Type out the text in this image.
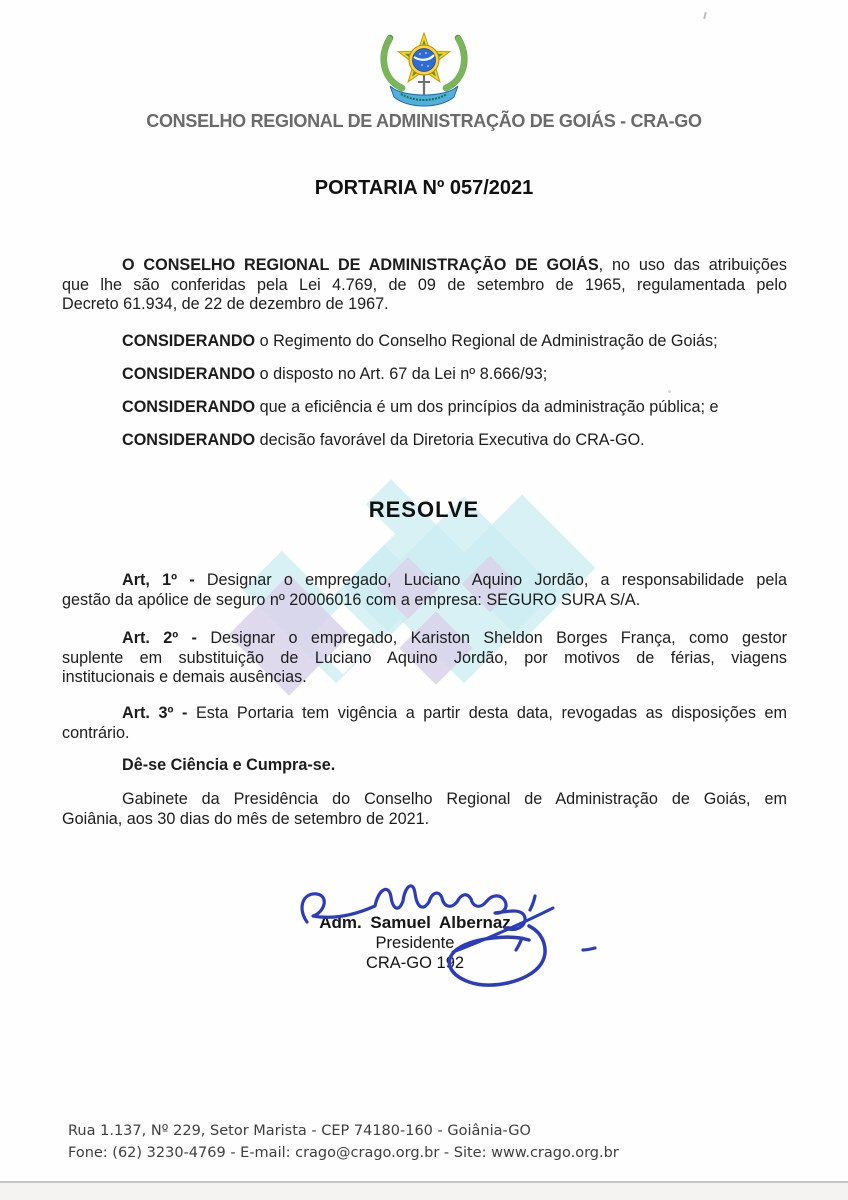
CONSELHO REGIONAL DE ADMINISTRAÇÃO DE GOIÁS - CRA-GO
PORTARIA Nº 057/2021
O CONSELHO REGIONAL DE ADMINISTRAÇÃO DE GOIÁS, no uso das atribuições
que lhe são conferidas pela Lei 4.769, de 09 de setembro de 1965, regulamentada pelo
Decreto 61.934, de 22 de dezembro de 1967.
CONSIDERANDO o Regimento do Conselho Regional de Administração de Goiás;
CONSIDERANDO o disposto no Art. 67 da Lei nº 8.666/93;
CONSIDERANDO que a eficiência é um dos princípios da administração pública; e
CONSIDERANDO decisão favorável da Diretoria Executiva do CRA-GO.
RESOLVE
Art, 1º - Designar o empregado, Luciano Aquino Jordão, a responsabilidade pela
gestão da apólice de seguro nº 20006016 com a empresa: SEGURO SURA S/A.
Art. 2º - Designar o empregado, Kariston Sheldon Borges França, como gestor
suplente em substituição de Luciano Aquino Jordão, por motivos de férias, viagens
institucionais e demais ausências.
Art. 3º - Esta Portaria tem vigência a partir desta data, revogadas as disposições em
contrário.
Dê-se Ciência e Cumpra-se.
Gabinete da Presidência do Conselho Regional de Administração de Goiás, em
Goiânia, aos 30 dias do mês de setembro de 2021.
Adm. Samuel Albernaz
Presidente
CRA-GO 192
Rua 1.137, Nº 229, Setor Marista - CEP 74180-160 - Goiânia-GO
Fone: (62) 3230-4769 - E-mail: crago@crago.org.br - Site: www.crago.org.br
